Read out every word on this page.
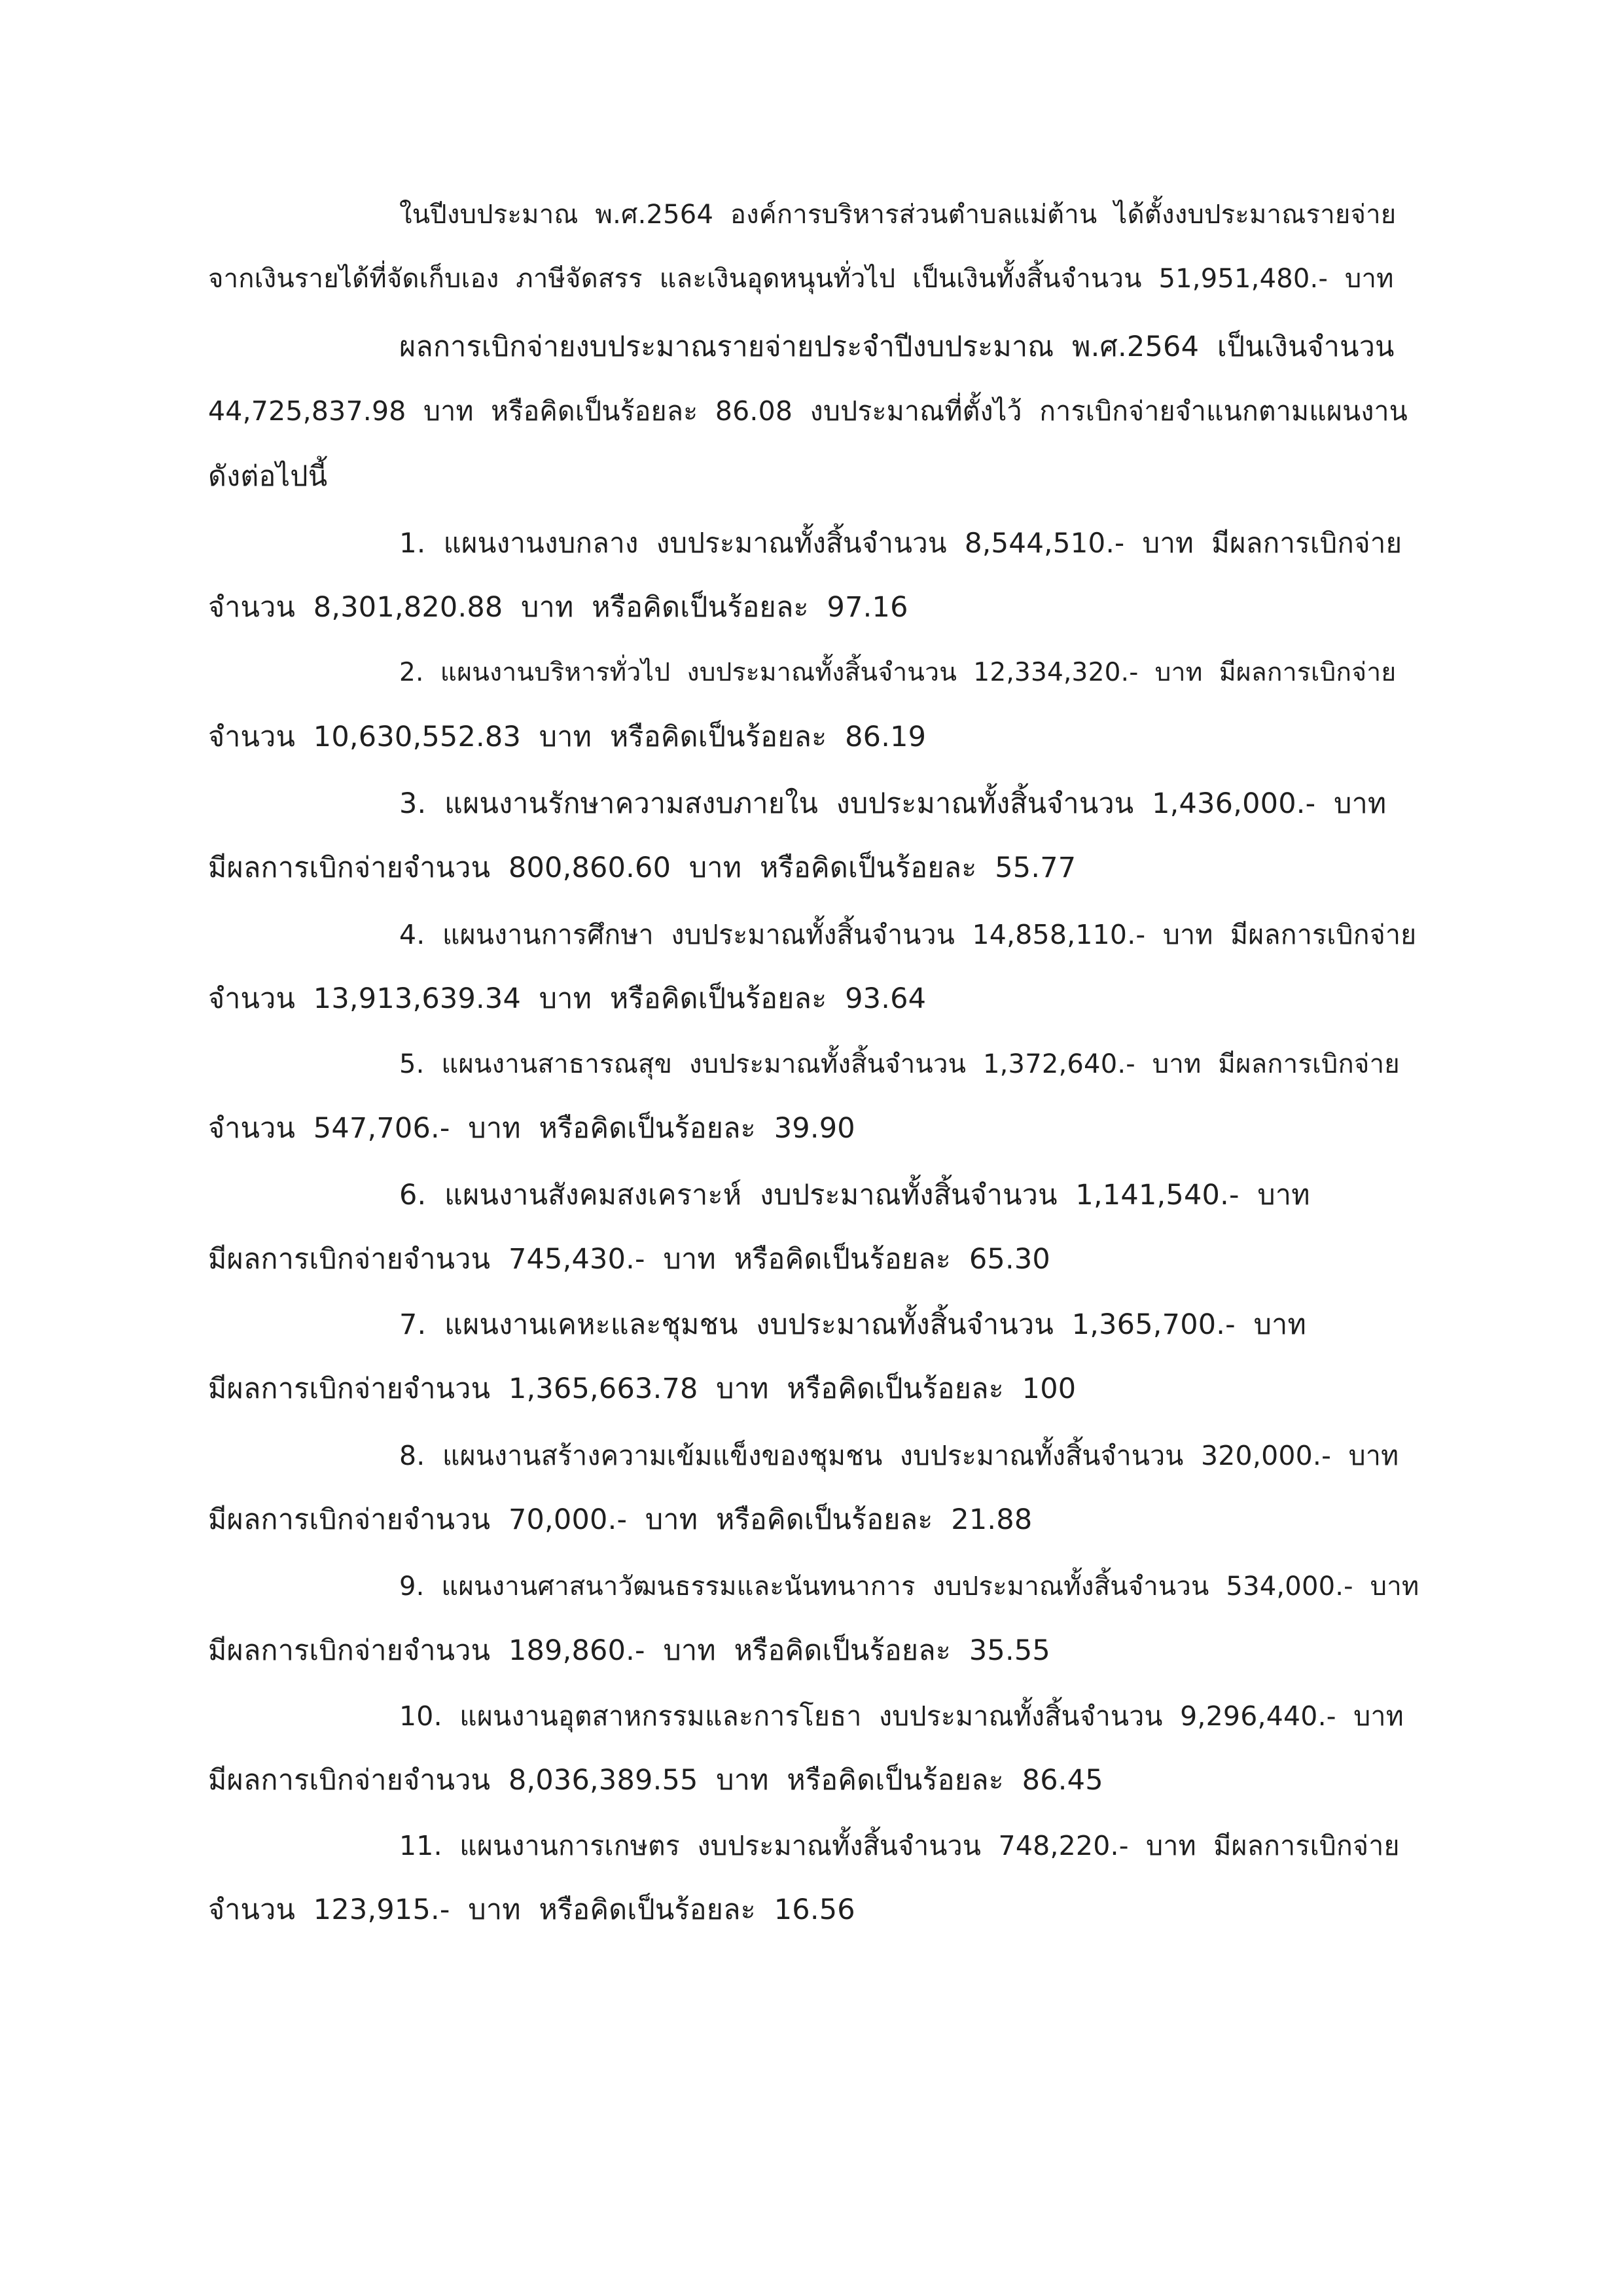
ในปีงบประมาณ  พ.ศ.2564  องค์การบริหารส่วนตำบลแม่ต้าน  ได้ตั้งงบประมาณรายจ่าย
จากเงินรายได้ที่จัดเก็บเอง  ภาษีจัดสรร  และเงินอุดหนุนทั่วไป  เป็นเงินทั้งสิ้นจำนวน  51,951,480.-  บาท
ผลการเบิกจ่ายงบประมาณรายจ่ายประจำปีงบประมาณ  พ.ศ.2564  เป็นเงินจำนวน
44,725,837.98  บาท  หรือคิดเป็นร้อยละ  86.08  งบประมาณที่ตั้งไว้  การเบิกจ่ายจำแนกตามแผนงาน
ดังต่อไปนี้
1.  แผนงานงบกลาง  งบประมาณทั้งสิ้นจำนวน  8,544,510.-  บาท  มีผลการเบิกจ่าย
จำนวน  8,301,820.88  บาท  หรือคิดเป็นร้อยละ  97.16
2.  แผนงานบริหารทั่วไป  งบประมาณทั้งสิ้นจำนวน  12,334,320.-  บาท  มีผลการเบิกจ่าย
จำนวน  10,630,552.83  บาท  หรือคิดเป็นร้อยละ  86.19
3.  แผนงานรักษาความสงบภายใน  งบประมาณทั้งสิ้นจำนวน  1,436,000.-  บาท
มีผลการเบิกจ่ายจำนวน  800,860.60  บาท  หรือคิดเป็นร้อยละ  55.77
4.  แผนงานการศึกษา  งบประมาณทั้งสิ้นจำนวน  14,858,110.-  บาท  มีผลการเบิกจ่าย
จำนวน  13,913,639.34  บาท  หรือคิดเป็นร้อยละ  93.64
5.  แผนงานสาธารณสุข  งบประมาณทั้งสิ้นจำนวน  1,372,640.-  บาท  มีผลการเบิกจ่าย
จำนวน  547,706.-  บาท  หรือคิดเป็นร้อยละ  39.90
6.  แผนงานสังคมสงเคราะห์  งบประมาณทั้งสิ้นจำนวน  1,141,540.-  บาท
มีผลการเบิกจ่ายจำนวน  745,430.-  บาท  หรือคิดเป็นร้อยละ  65.30
7.  แผนงานเคหะและชุมชน  งบประมาณทั้งสิ้นจำนวน  1,365,700.-  บาท
มีผลการเบิกจ่ายจำนวน  1,365,663.78  บาท  หรือคิดเป็นร้อยละ  100
8.  แผนงานสร้างความเข้มแข็งของชุมชน  งบประมาณทั้งสิ้นจำนวน  320,000.-  บาท
มีผลการเบิกจ่ายจำนวน  70,000.-  บาท  หรือคิดเป็นร้อยละ  21.88
9.  แผนงานศาสนาวัฒนธรรมและนันทนาการ  งบประมาณทั้งสิ้นจำนวน  534,000.-  บาท
มีผลการเบิกจ่ายจำนวน  189,860.-  บาท  หรือคิดเป็นร้อยละ  35.55
10.  แผนงานอุตสาหกรรมและการโยธา  งบประมาณทั้งสิ้นจำนวน  9,296,440.-  บาท
มีผลการเบิกจ่ายจำนวน  8,036,389.55  บาท  หรือคิดเป็นร้อยละ  86.45
11.  แผนงานการเกษตร  งบประมาณทั้งสิ้นจำนวน  748,220.-  บาท  มีผลการเบิกจ่าย
จำนวน  123,915.-  บาท  หรือคิดเป็นร้อยละ  16.56
